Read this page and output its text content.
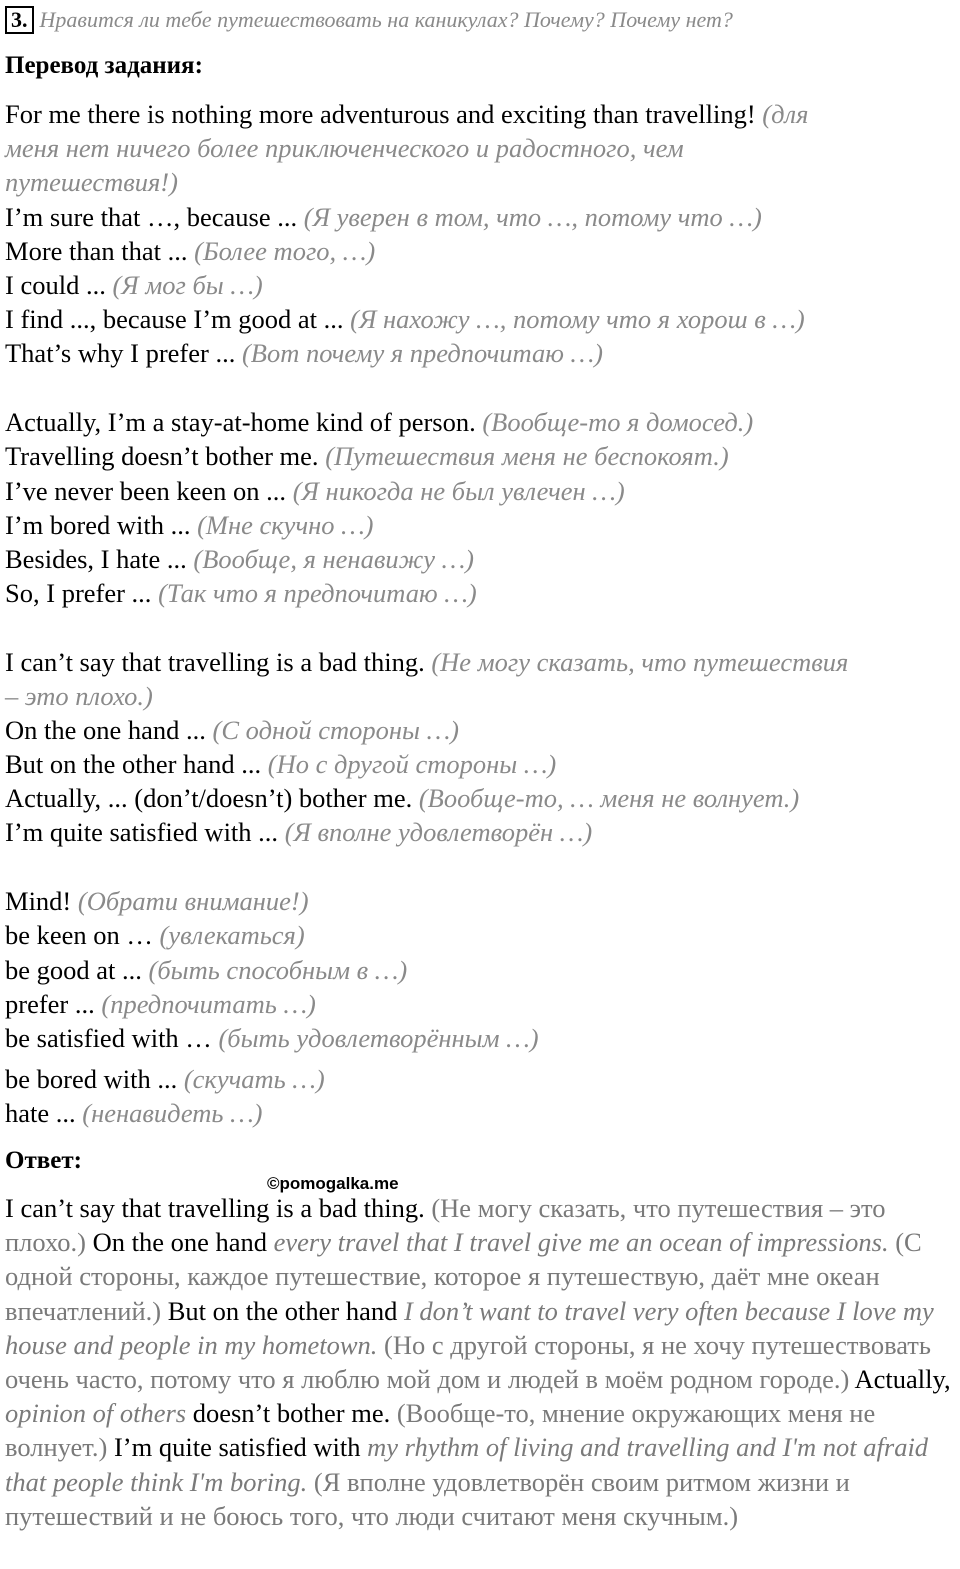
3. Нравится ли тебе путешествовать на каникулах? Почему? Почему нет?
Перевод задания:
For me there is nothing more adventurous and exciting than travelling! (для
меня нет ничего более приключенческого и радостного, чем
путешествия!)
I’m sure that …, because ... (Я уверен в том, что …, потому что …)
More than that ... (Более того, …)
I could ... (Я мог бы …)
I find ..., because I’m good at ... (Я нахожу …, потому что я хорош в …)
That’s why I prefer ... (Вот почему я предпочитаю …)
Actually, I’m a stay-at-home kind of person. (Вообще-то я домосед.)
Travelling doesn’t bother me. (Путешествия меня не беспокоят.)
I’ve never been keen on ... (Я никогда не был увлечен …)
I’m bored with ... (Мне скучно …)
Besides, I hate ... (Вообще, я ненавижу …)
So, I prefer ... (Так что я предпочитаю …)
I can’t say that travelling is a bad thing. (Не могу сказать, что путешествия
– это плохо.)
On the one hand ... (С одной стороны …)
But on the other hand ... (Но с другой стороны …)
Actually, ... (don’t/doesn’t) bother me. (Вообще-то, … меня не волнует.)
I’m quite satisfied with ... (Я вполне удовлетворён …)
Mind! (Обрати внимание!)
be keen on … (увлекаться)
be good at ... (быть способным в …)
prefer ... (предпочитать …)
be satisfied with … (быть удовлетворённым …)
be bored with ... (скучать …)
hate ... (ненавидеть …)
Ответ:
©pomogalka.me
I can’t say that travelling is a bad thing. (Не могу сказать, что путешествия – это плохо.) On the one hand every travel that I travel give me an ocean of impressions. (С одной стороны, каждое путешествие, которое я путешествую, даёт мне океан впечатлений.) But on the other hand I don’t want to travel very often because I love my house and people in my hometown. (Но с другой стороны, я не хочу путешествовать очень часто, потому что я люблю мой дом и людей в моём родном городе.) Actually, opinion of others doesn’t bother me. (Вообще-то, мнение окружающих меня не волнует.) I’m quite satisfied with my rhythm of living and travelling and I'm not afraid that people think I'm boring. (Я вполне удовлетворён своим ритмом жизни и путешествий и не боюсь того, что люди считают меня скучным.)
